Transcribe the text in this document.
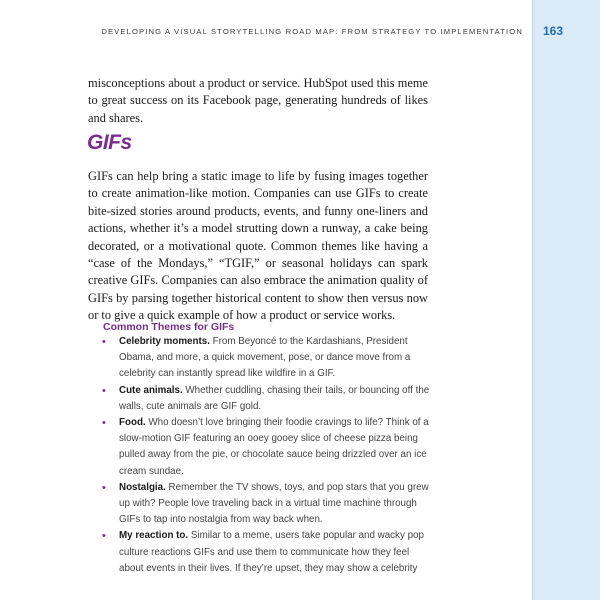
DEVELOPING A VISUAL STORYTELLING ROAD MAP: FROM STRATEGY TO IMPLEMENTATION 163

misconceptions about a product or service. HubSpot used this meme to great success on its Facebook page, generating hundreds of likes and shares.

GIFs

GIFs can help bring a static image to life by fusing images together to create animation-like motion. Companies can use GIFs to create bite-sized stories around products, events, and funny one-liners and actions, whether it’s a model strutting down a runway, a cake being decorated, or a motivational quote. Common themes like having a “case of the Mondays,” “TGIF,” or seasonal holidays can spark creative GIFs. Companies can also embrace the animation quality of GIFs by parsing together historical content to show then versus now or to give a quick example of how a product or service works.

Common Themes for GIFs
• Celebrity moments. From Beyoncé to the Kardashians, President Obama, and more, a quick movement, pose, or dance move from a celebrity can instantly spread like wildfire in a GIF.
• Cute animals. Whether cuddling, chasing their tails, or bouncing off the walls, cute animals are GIF gold.
• Food. Who doesn’t love bringing their foodie cravings to life? Think of a slow-motion GIF featuring an ooey gooey slice of cheese pizza being pulled away from the pie, or chocolate sauce being drizzled over an ice cream sundae.
• Nostalgia. Remember the TV shows, toys, and pop stars that you grew up with? People love traveling back in a virtual time machine through GIFs to tap into nostalgia from way back when.
• My reaction to. Similar to a meme, users take popular and wacky pop culture reactions GIFs and use them to communicate how they feel about events in their lives. If they’re upset, they may show a celebrity
